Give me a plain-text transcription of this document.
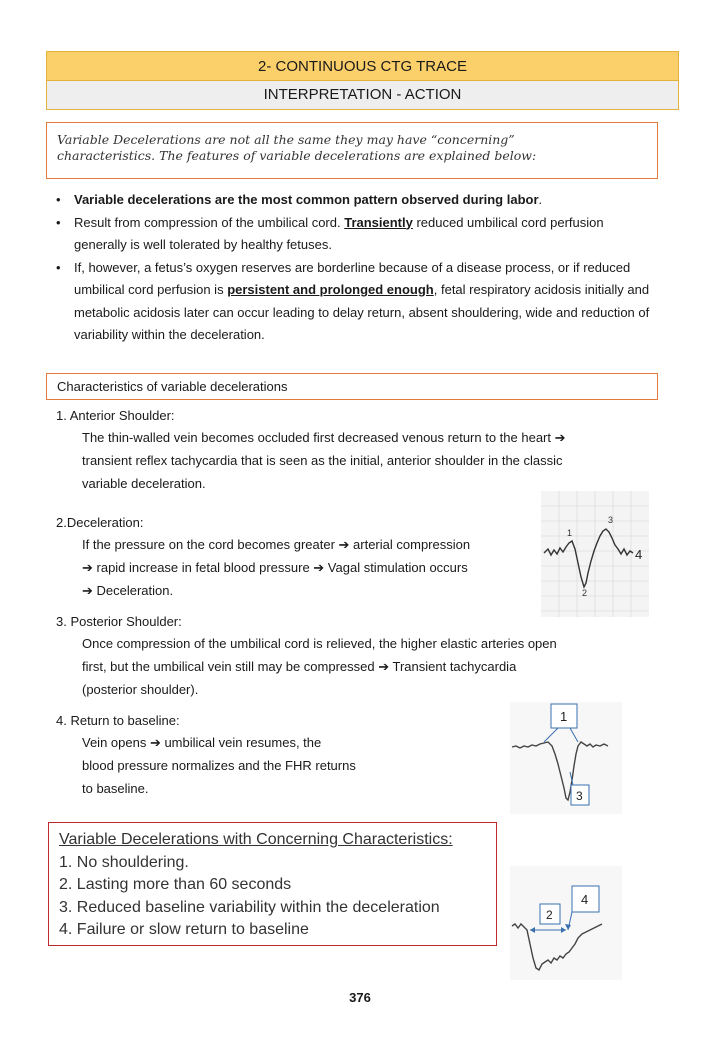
2- CONTINUOUS CTG TRACE
INTERPRETATION - ACTION
Variable Decelerations are not all the same they may have “concerning”
characteristics. The features of variable decelerations are explained below:
• Variable decelerations are the most common pattern observed during labor.
• Result from compression of the umbilical cord. Transiently reduced umbilical cord perfusion generally is well tolerated by healthy fetuses.
• If, however, a fetus’s oxygen reserves are borderline because of a disease process, or if reduced umbilical cord perfusion is persistent and prolonged enough, fetal respiratory acidosis initially and metabolic acidosis later can occur leading to delay return, absent shouldering, wide and reduction of variability within the deceleration.
Characteristics of variable decelerations
1. Anterior Shoulder:
The thin-walled vein becomes occluded first decreased venous return to the heart ➔
transient reflex tachycardia that is seen as the initial, anterior shoulder in the classic
variable deceleration.
2.Deceleration:
If the pressure on the cord becomes greater ➔ arterial compression
➔ rapid increase in fetal blood pressure ➔ Vagal stimulation occurs
➔ Deceleration.
1
2
3
4
3. Posterior Shoulder:
Once compression of the umbilical cord is relieved, the higher elastic arteries open
first, but the umbilical vein still may be compressed ➔ Transient tachycardia
(posterior shoulder).
4. Return to baseline:
Vein opens ➔ umbilical vein resumes, the
blood pressure normalizes and the FHR returns
to baseline.
1
3
Variable Decelerations with Concerning Characteristics:
1. No shouldering.
2. Lasting more than 60 seconds
3. Reduced baseline variability within the deceleration
4. Failure or slow return to baseline
2
4
376
